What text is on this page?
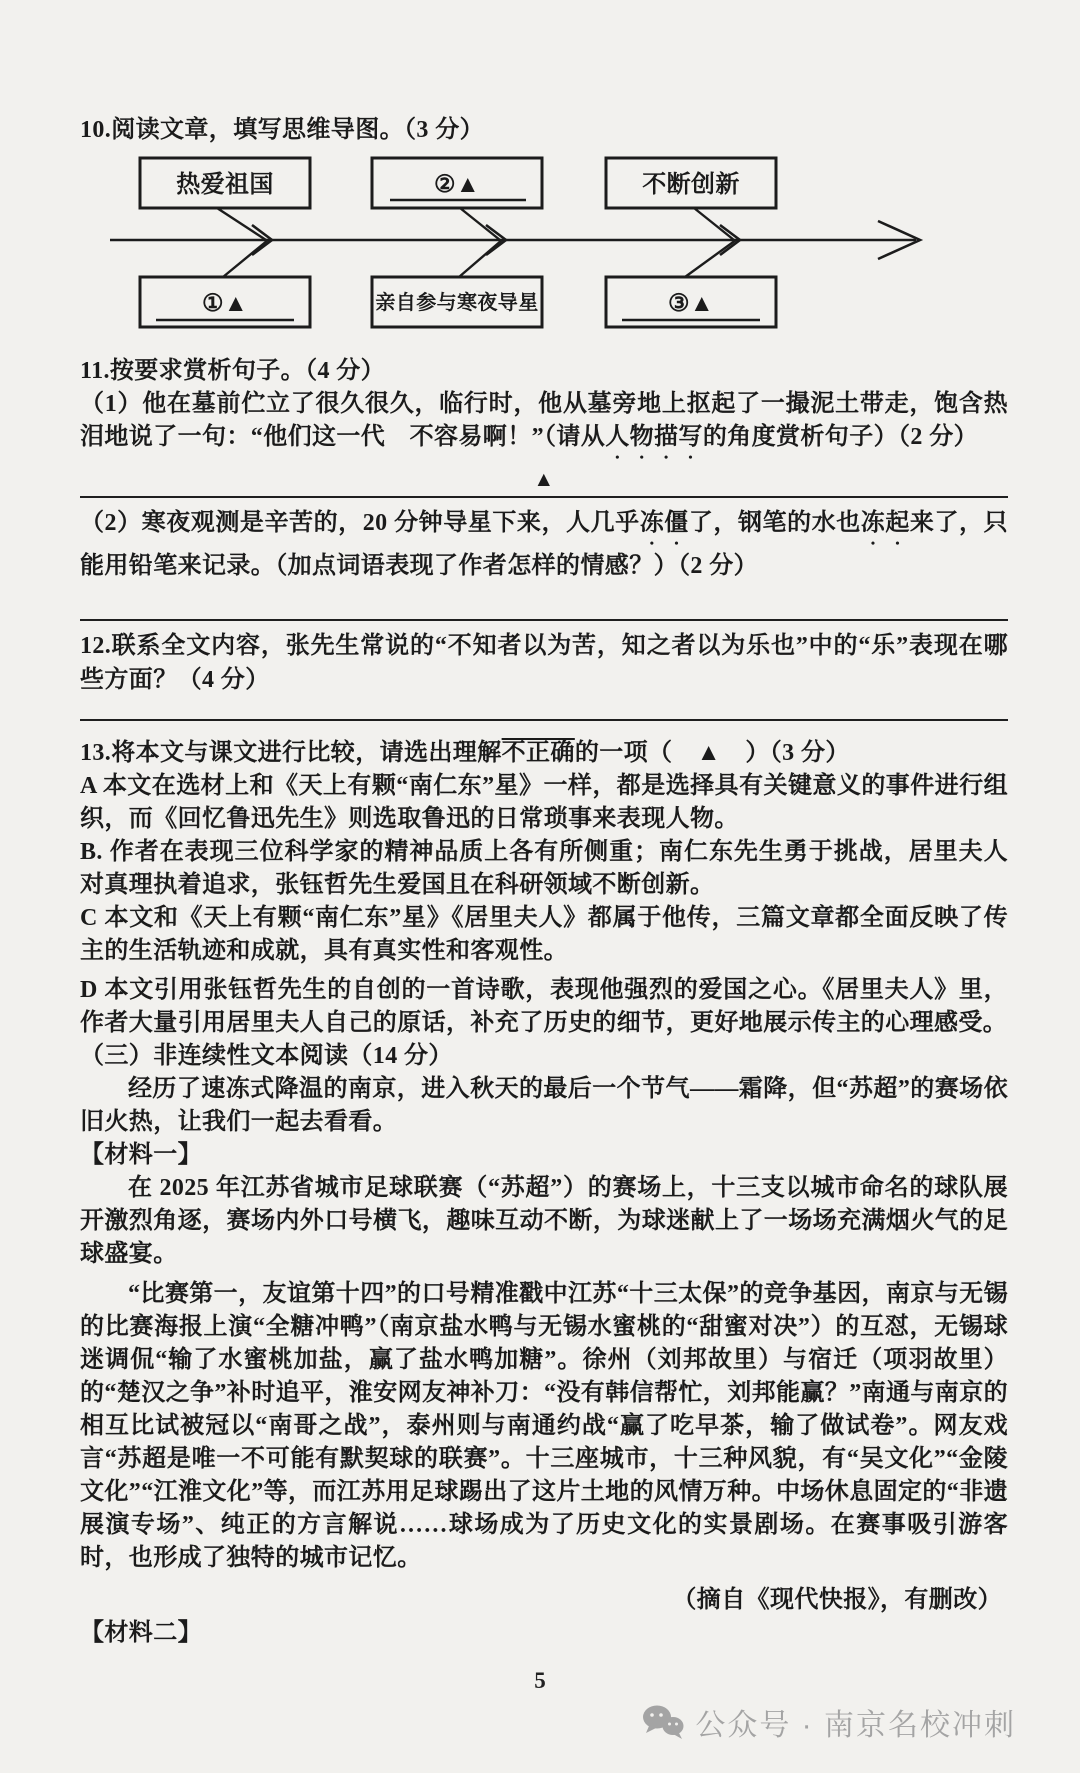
10.阅读文章，填写思维导图。（3 分）
热爱祖国	②▲	不断创新
①▲	亲自参与寒夜导星	③▲
11.按要求赏析句子。（4 分）

（1）他在墓前伫立了很久很久，临行时，他从墓旁地上抠起了一撮泥土带走，饱含热泪地说了一句：“他们这一代　不容易啊！”（请从人物描写的角度赏析句子）（2 分）

▲

（2）寒夜观测是辛苦的，20 分钟导星下来，人几乎冻僵了，钢笔的水也冻起来了，只能用铅笔来记录。（加点词语表现了作者怎样的情感？）（2 分）

12.联系全文内容，张先生常说的“不知者以为苦，知之者以为乐也”中的“乐”表现在哪些方面？（4 分）

13.将本文与课文进行比较，请选出理解不正确的一项（　▲　）（3 分）

A 本文在选材上和《天上有颗“南仁东”星》一样，都是选择具有关键意义的事件进行组织，而《回忆鲁迅先生》则选取鲁迅的日常琐事来表现人物。

B. 作者在表现三位科学家的精神品质上各有所侧重；南仁东先生勇于挑战，居里夫人对真理执着追求，张钰哲先生爱国且在科研领域不断创新。

C 本文和《天上有颗“南仁东”星》《居里夫人》都属于他传，三篇文章都全面反映了传主的生活轨迹和成就，具有真实性和客观性。

D 本文引用张钰哲先生的自创的一首诗歌，表现他强烈的爱国之心。《居里夫人》里，作者大量引用居里夫人自己的原话，补充了历史的细节，更好地展示传主的心理感受。

（三）非连续性文本阅读（14 分）

经历了速冻式降温的南京，进入秋天的最后一个节气——霜降，但“苏超”的赛场依旧火热，让我们一起去看看。

【材料一】

在 2025 年江苏省城市足球联赛（“苏超”）的赛场上，十三支以城市命名的球队展开激烈角逐，赛场内外口号横飞，趣味互动不断，为球迷献上了一场场充满烟火气的足球盛宴。

“比赛第一，友谊第十四”的口号精准戳中江苏“十三太保”的竞争基因，南京与无锡的比赛海报上演“全糖冲鸭”（南京盐水鸭与无锡水蜜桃的“甜蜜对决”）的互怼，无锡球迷调侃“输了水蜜桃加盐，赢了盐水鸭加糖”。徐州（刘邦故里）与宿迁（项羽故里）的“楚汉之争”补时追平，淮安网友神补刀：“没有韩信帮忙，刘邦能赢？”南通与南京的相互比试被冠以“南哥之战”，泰州则与南通约战“赢了吃早茶，输了做试卷”。网友戏言“苏超是唯一不可能有默契球的联赛”。十三座城市，十三种风貌，有“吴文化”“金陵文化”“江淮文化”等，而江苏用足球踢出了这片土地的风情万种。中场休息固定的“非遗展演专场”、纯正的方言解说……球场成为了历史文化的实景剧场。在赛事吸引游客时，也形成了独特的城市记忆。

（摘自《现代快报》，有删改）
【材料二】
5
公众号 · 南京名校冲刺
